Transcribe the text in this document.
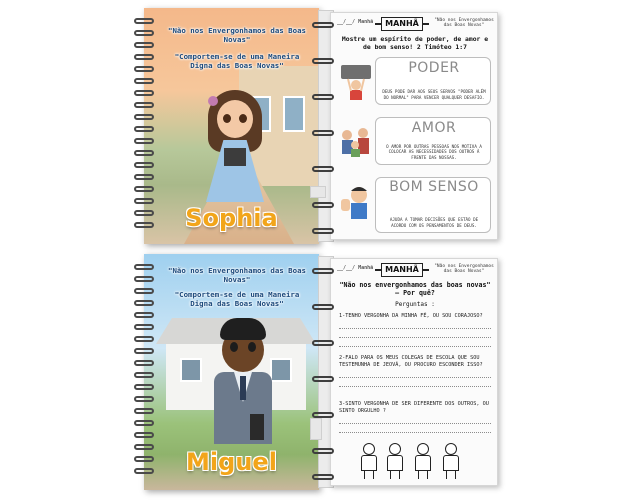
"Não nos Envergonhamos das Boas Novas"
"Comportem-se de uma Maneira Digna das Boas Novas"
Sophia
__/__/ Manhã	MANHÃ	"Não nos Envergonhamos das Boas Novas"
Mostre um espírito de poder, de amor e de bom senso! 2 Timóteo 1:7
PODER
DEUS PODE DAR AOS SEUS SERVOS "PODER ALÉM DO NORMAL" PARA VENCER QUALQUER DESAFIO.
AMOR
O AMOR POR OUTRAS PESSOAS NOS MOTIVA A COLOCAR AS NECESSIDADES DOS OUTROS À FRENTE DAS NOSSAS.
BOM SENSO
AJUDA A TOMAR DECISÕES QUE ESTÃO DE ACORDO COM OS PENSAMENTOS DE DEUS.
"Não nos Envergonhamos das Boas Novas"
"Comportem-se de uma Maneira Digna das Boas Novas"
Miguel
__/__/ Manhã	MANHÃ	"Não nos Envergonhamos das Boas Novas"
"Não nos envergonhamos das boas novas" — Por quê?
Perguntas :
1-TENHO VERGONHA DA MINHA FÉ, OU SOU CORAJOSO?
2-FALO PARA OS MEUS COLEGAS DE ESCOLA QUE SOU TESTEMUNHA DE JEOVÁ, OU PROCURO ESCONDER ISSO?
3-SINTO VERGONHA DE SER DIFERENTE DOS OUTROS, OU SINTO ORGULHO ?
